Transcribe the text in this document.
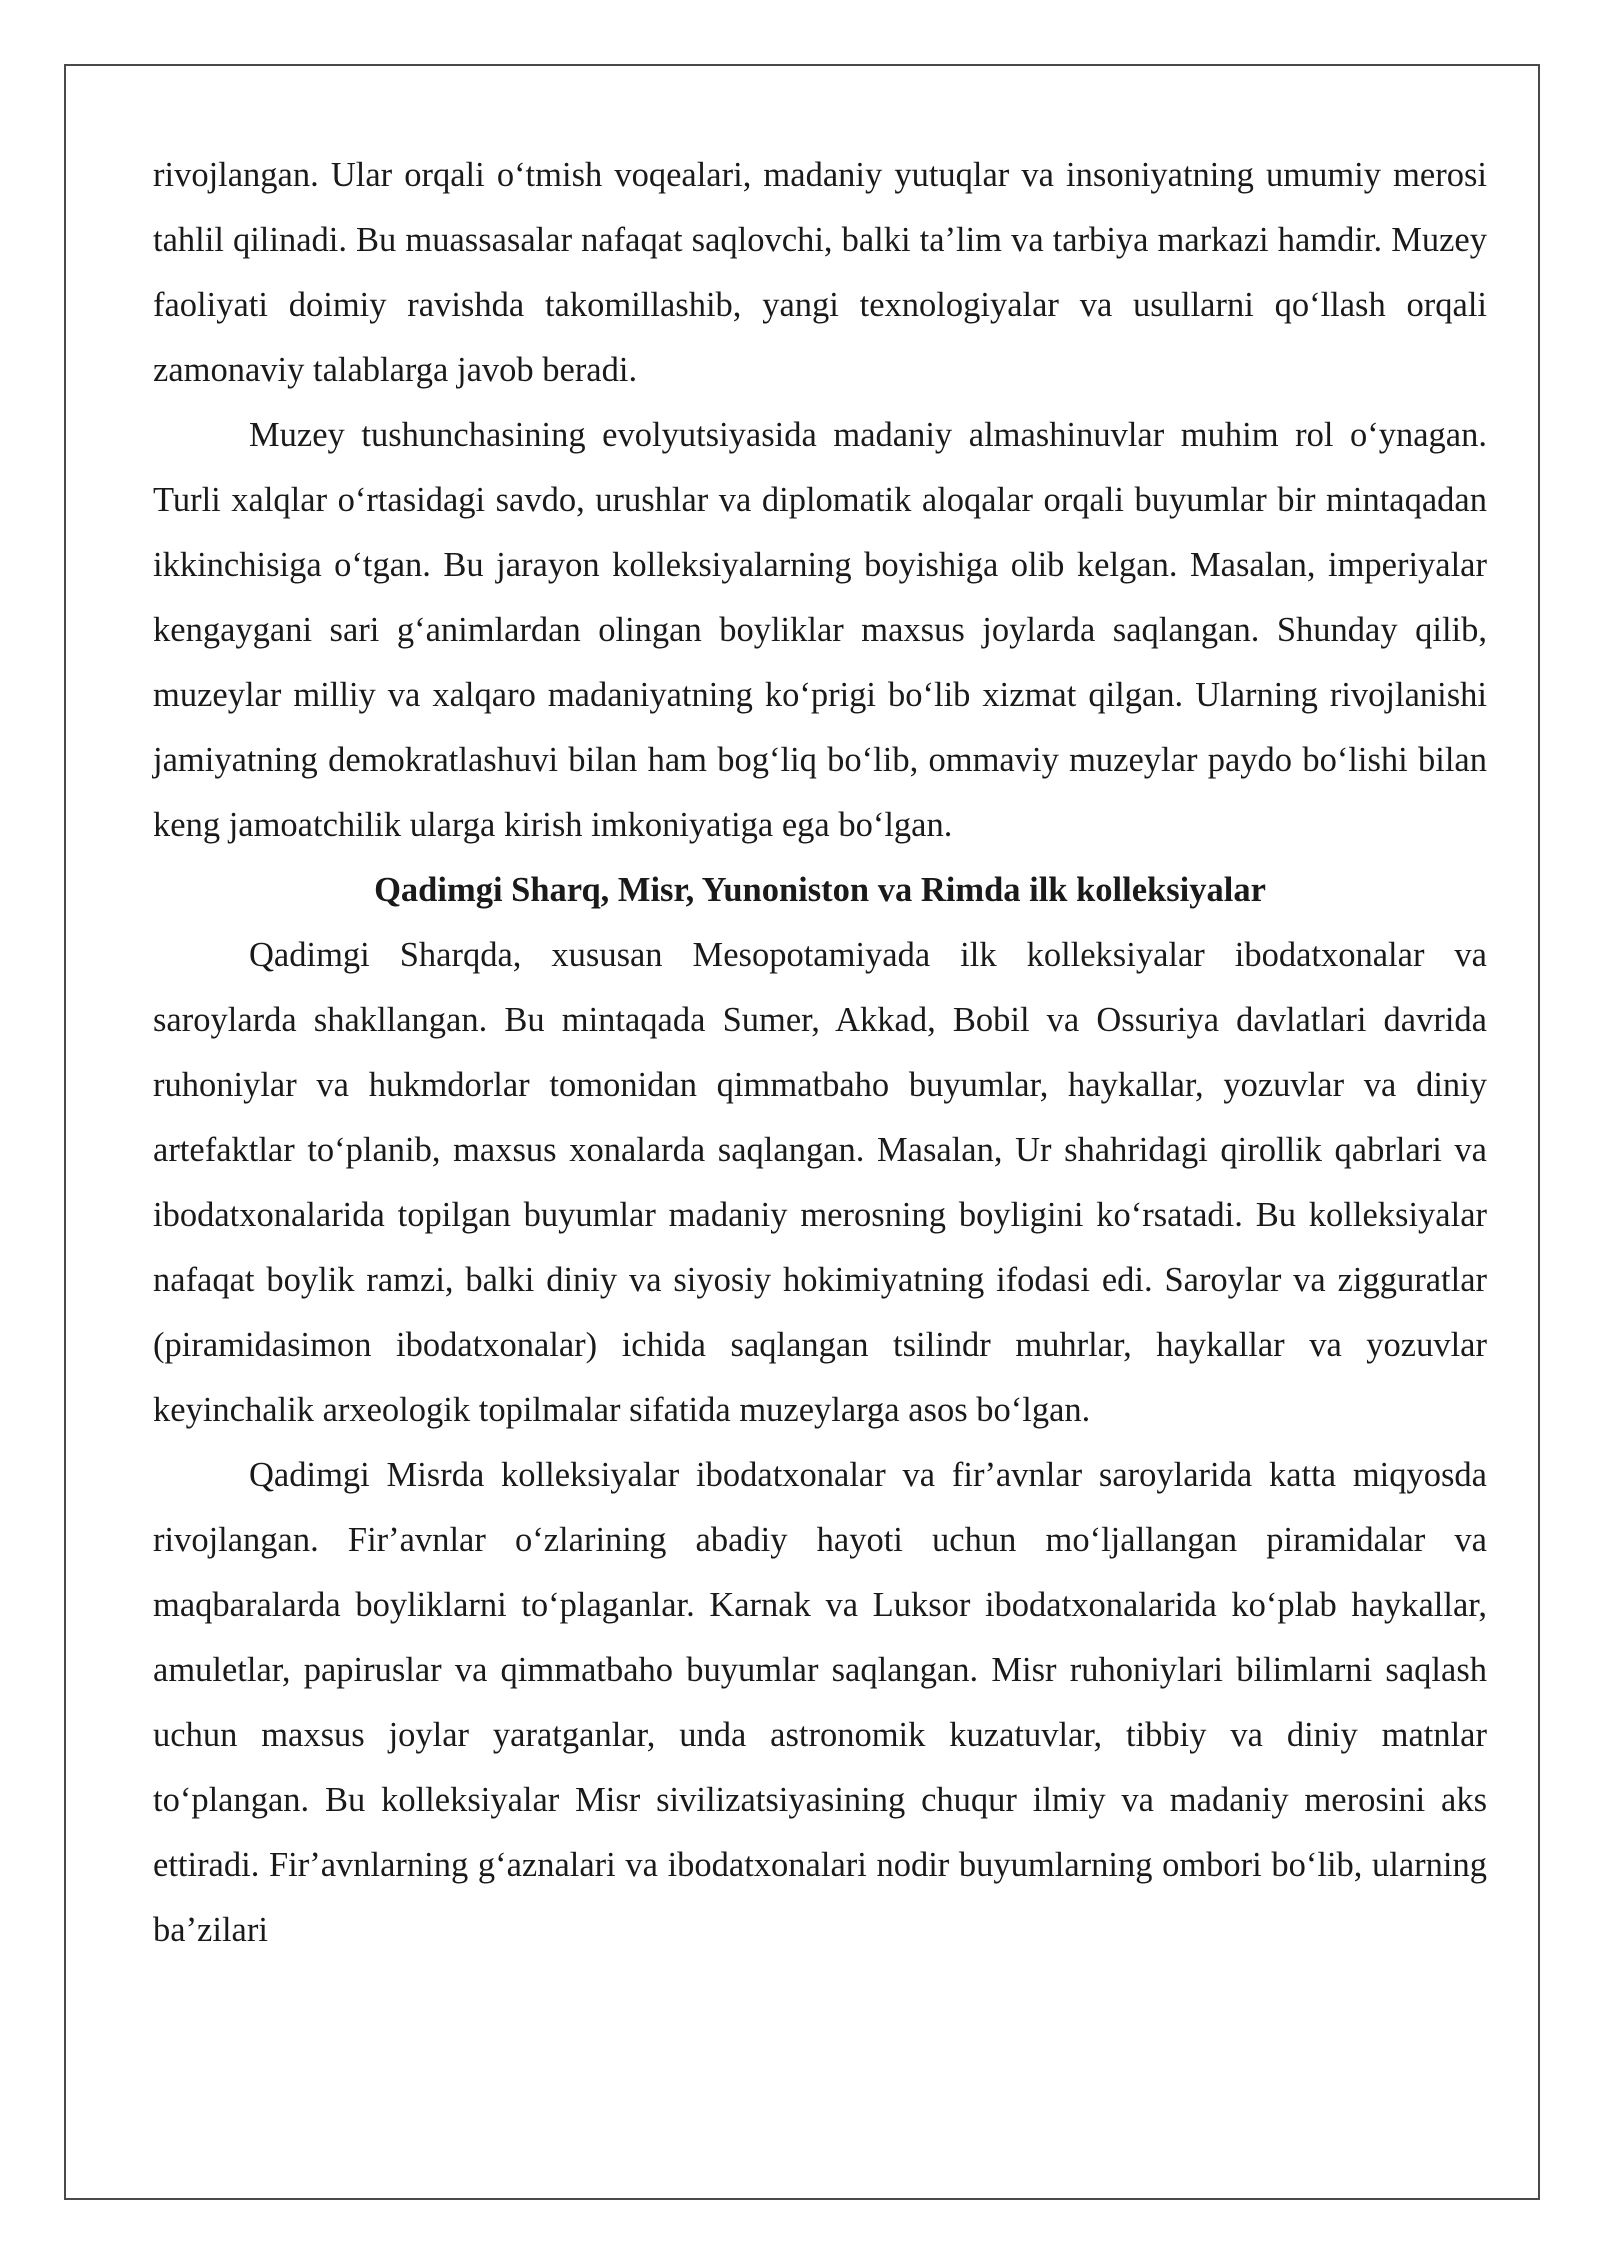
rivojlangan. Ular orqali oʻtmish voqealari, madaniy yutuqlar va insoniyatning umumiy merosi tahlil qilinadi. Bu muassasalar nafaqat saqlovchi, balki taʼlim va tarbiya markazi hamdir. Muzey faoliyati doimiy ravishda takomillashib, yangi texnologiyalar va usullarni qoʻllash orqali zamonaviy talablarga javob beradi.

Muzey tushunchasining evolyutsiyasida madaniy almashinuvlar muhim rol oʻynagan. Turli xalqlar oʻrtasidagi savdo, urushlar va diplomatik aloqalar orqali buyumlar bir mintaqadan ikkinchisiga oʻtgan. Bu jarayon kolleksiyalarning boyishiga olib kelgan. Masalan, imperiyalar kengaygani sari gʻanimlardan olingan boyliklar maxsus joylarda saqlangan. Shunday qilib, muzeylar milliy va xalqaro madaniyatning koʻprigi boʻlib xizmat qilgan. Ularning rivojlanishi jamiyatning demokratlashuvi bilan ham bogʻliq boʻlib, ommaviy muzeylar paydo boʻlishi bilan keng jamoatchilik ularga kirish imkoniyatiga ega boʻlgan.

Qadimgi Sharq, Misr, Yunoniston va Rimda ilk kolleksiyalar

Qadimgi Sharqda, xususan Mesopotamiyada ilk kolleksiyalar ibodatxonalar va saroylarda shakllangan. Bu mintaqada Sumer, Akkad, Bobil va Ossuriya davlatlari davrida ruhoniylar va hukmdorlar tomonidan qimmatbaho buyumlar, haykallar, yozuvlar va diniy artefaktlar toʻplanib, maxsus xonalarda saqlangan. Masalan, Ur shahridagi qirollik qabrlari va ibodatxonalarida topilgan buyumlar madaniy merosning boyligini koʻrsatadi. Bu kolleksiyalar nafaqat boylik ramzi, balki diniy va siyosiy hokimiyatning ifodasi edi. Saroylar va zigguratlar (piramidasimon ibodatxonalar) ichida saqlangan tsilindr muhrlar, haykallar va yozuvlar keyinchalik arxeologik topilmalar sifatida muzeylarga asos boʻlgan.

Qadimgi Misrda kolleksiyalar ibodatxonalar va firʼavnlar saroylarida katta miqyosda rivojlangan. Firʼavnlar oʻzlarining abadiy hayoti uchun moʻljallangan piramidalar va maqbaralarda boyliklarni toʻplaganlar. Karnak va Luksor ibodatxonalarida koʻplab haykallar, amuletlar, papiruslar va qimmatbaho buyumlar saqlangan. Misr ruhoniylari bilimlarni saqlash uchun maxsus joylar yaratganlar, unda astronomik kuzatuvlar, tibbiy va diniy matnlar toʻplangan. Bu kolleksiyalar Misr sivilizatsiyasining chuqur ilmiy va madaniy merosini aks ettiradi. Firʼavnlarning gʻaznalari va ibodatxonalari nodir buyumlarning ombori boʻlib, ularning baʼzilari
